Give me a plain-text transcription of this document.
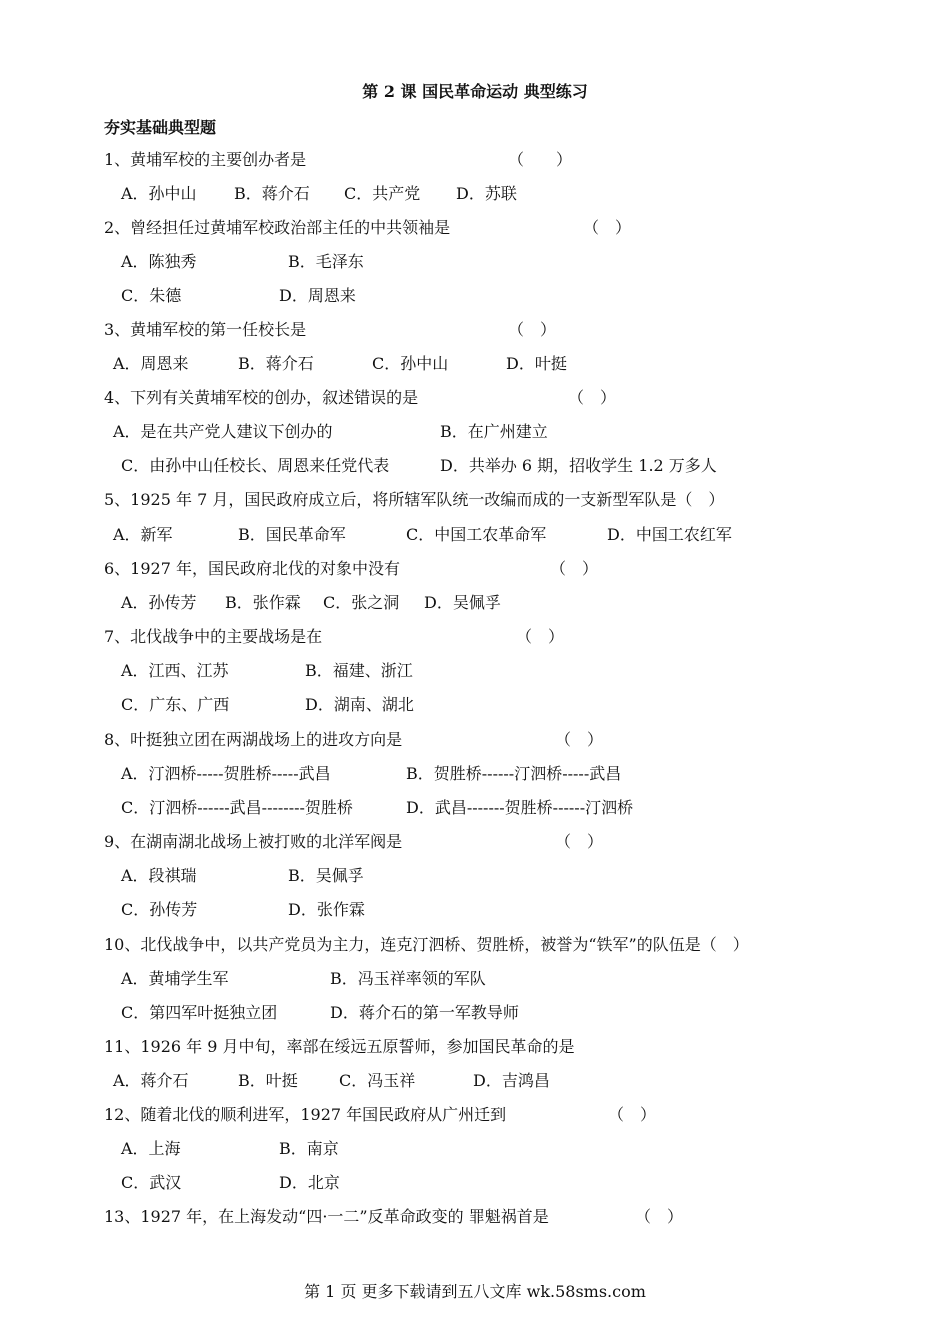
第 2 课 国民革命运动 典型练习
夯实基础典型题
1、黄埔军校的主要创办者是	（　　）
A．孙中山 B．蒋介石 C．共产党 D．苏联
2、曾经担任过黄埔军校政治部主任的中共领袖是	（　）
A．陈独秀	B．毛泽东
C．朱德	D．周恩来
3、黄埔军校的第一任校长是	（　）
A．周恩来	B．蒋介石	C．孙中山	D．叶挺
4、下列有关黄埔军校的创办，叙述错误的是	（　）
A．是在共产党人建议下创办的	B．在广州建立
C．由孙中山任校长、周恩来任党代表	D．共举办 6 期，招收学生 1.2 万多人
5、1925 年 7 月，国民政府成立后，将所辖军队统一改编而成的一支新型军队是（　）
A．新军	B．国民革命军	C．中国工农革命军	D．中国工农红军
6、1927 年，国民政府北伐的对象中没有	（　）
A．孙传芳 B．张作霖 C．张之洞 D．吴佩孚
7、北伐战争中的主要战场是在	（　）
A．江西、江苏	B．福建、浙江
C．广东、广西	D．湖南、湖北
8、叶挺独立团在两湖战场上的进攻方向是	（　）
A．汀泗桥-----贺胜桥-----武昌	B．贺胜桥------汀泗桥-----武昌
C．汀泗桥------武昌--------贺胜桥	D．武昌-------贺胜桥------汀泗桥
9、在湖南湖北战场上被打败的北洋军阀是	（　）
A．段祺瑞	B．吴佩孚
C．孙传芳	D．张作霖
10、北伐战争中，以共产党员为主力，连克汀泗桥、贺胜桥，被誉为“铁军”的队伍是（　）
A．黄埔学生军	B．冯玉祥率领的军队
C．第四军叶挺独立团	D．蒋介石的第一军教导师
11、1926 年 9 月中旬，率部在绥远五原誓师，参加国民革命的是
A．蒋介石	B．叶挺	C．冯玉祥	D．吉鸿昌
12、随着北伐的顺利进军，1927 年国民政府从广州迁到	（　）
A．上海	B．南京
C．武汉	D．北京
13、1927 年，在上海发动“四·一二”反革命政变的 罪魁祸首是	（　）
第 1 页 更多下载请到五八文库 wk.58sms.com
